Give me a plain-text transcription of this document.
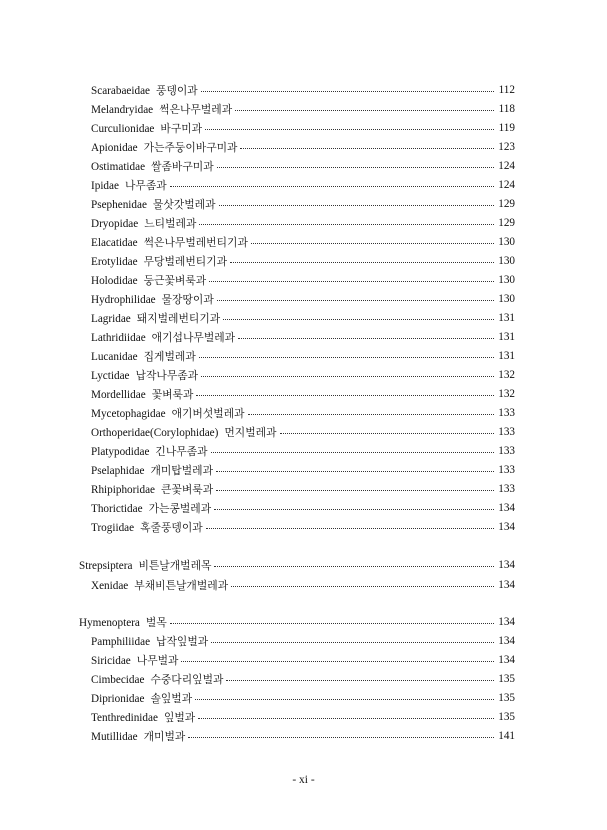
Scarabaeidae 풍뎅이과	112
Melandryidae 썩은나무벌레과	118
Curculionidae 바구미과	119
Apionidae 가는주둥이바구미과	123
Ostimatidae 쌀좀바구미과	124
Ipidae 나무좀과	124
Psephenidae 물삿갓벌레과	129
Dryopidae 느티벌레과	129
Elacatidae 썩은나무벌레번티기과	130
Erotylidae 무당벌레번티기과	130
Holodidae 둥근꽃벼룩과	130
Hydrophilidae 물장땅이과	130
Lagridae 돼지벌레번티기과	131
Lathridiidae 애기섭나무벌레과	131
Lucanidae 집게벌레과	131
Lyctidae 납작나무좀과	132
Mordellidae 꽃벼룩과	132
Mycetophagidae 애기버섯벌레과	133
Orthoperidae(Corylophidae) 먼지벌레과	133
Platypodidae 긴나무좀과	133
Pselaphidae 개미탑벌레과	133
Rhipiphoridae 큰꽃벼룩과	133
Thorictidae 가는콩벌레과	134
Trogiidae 혹줄풍뎅이과	134
Strepsiptera 비튼날개벌레목	134
Xenidae 부채비튼날개벌레과	134
Hymenoptera 벌목	134
Pamphiliidae 납작잎벌과	134
Siricidae 나무벌과	134
Cimbecidae 수중다리잎벌과	135
Diprionidae 솔잎벌과	135
Tenthredinidae 잎벌과	135
Mutillidae 개미벌과	141
- xi -
